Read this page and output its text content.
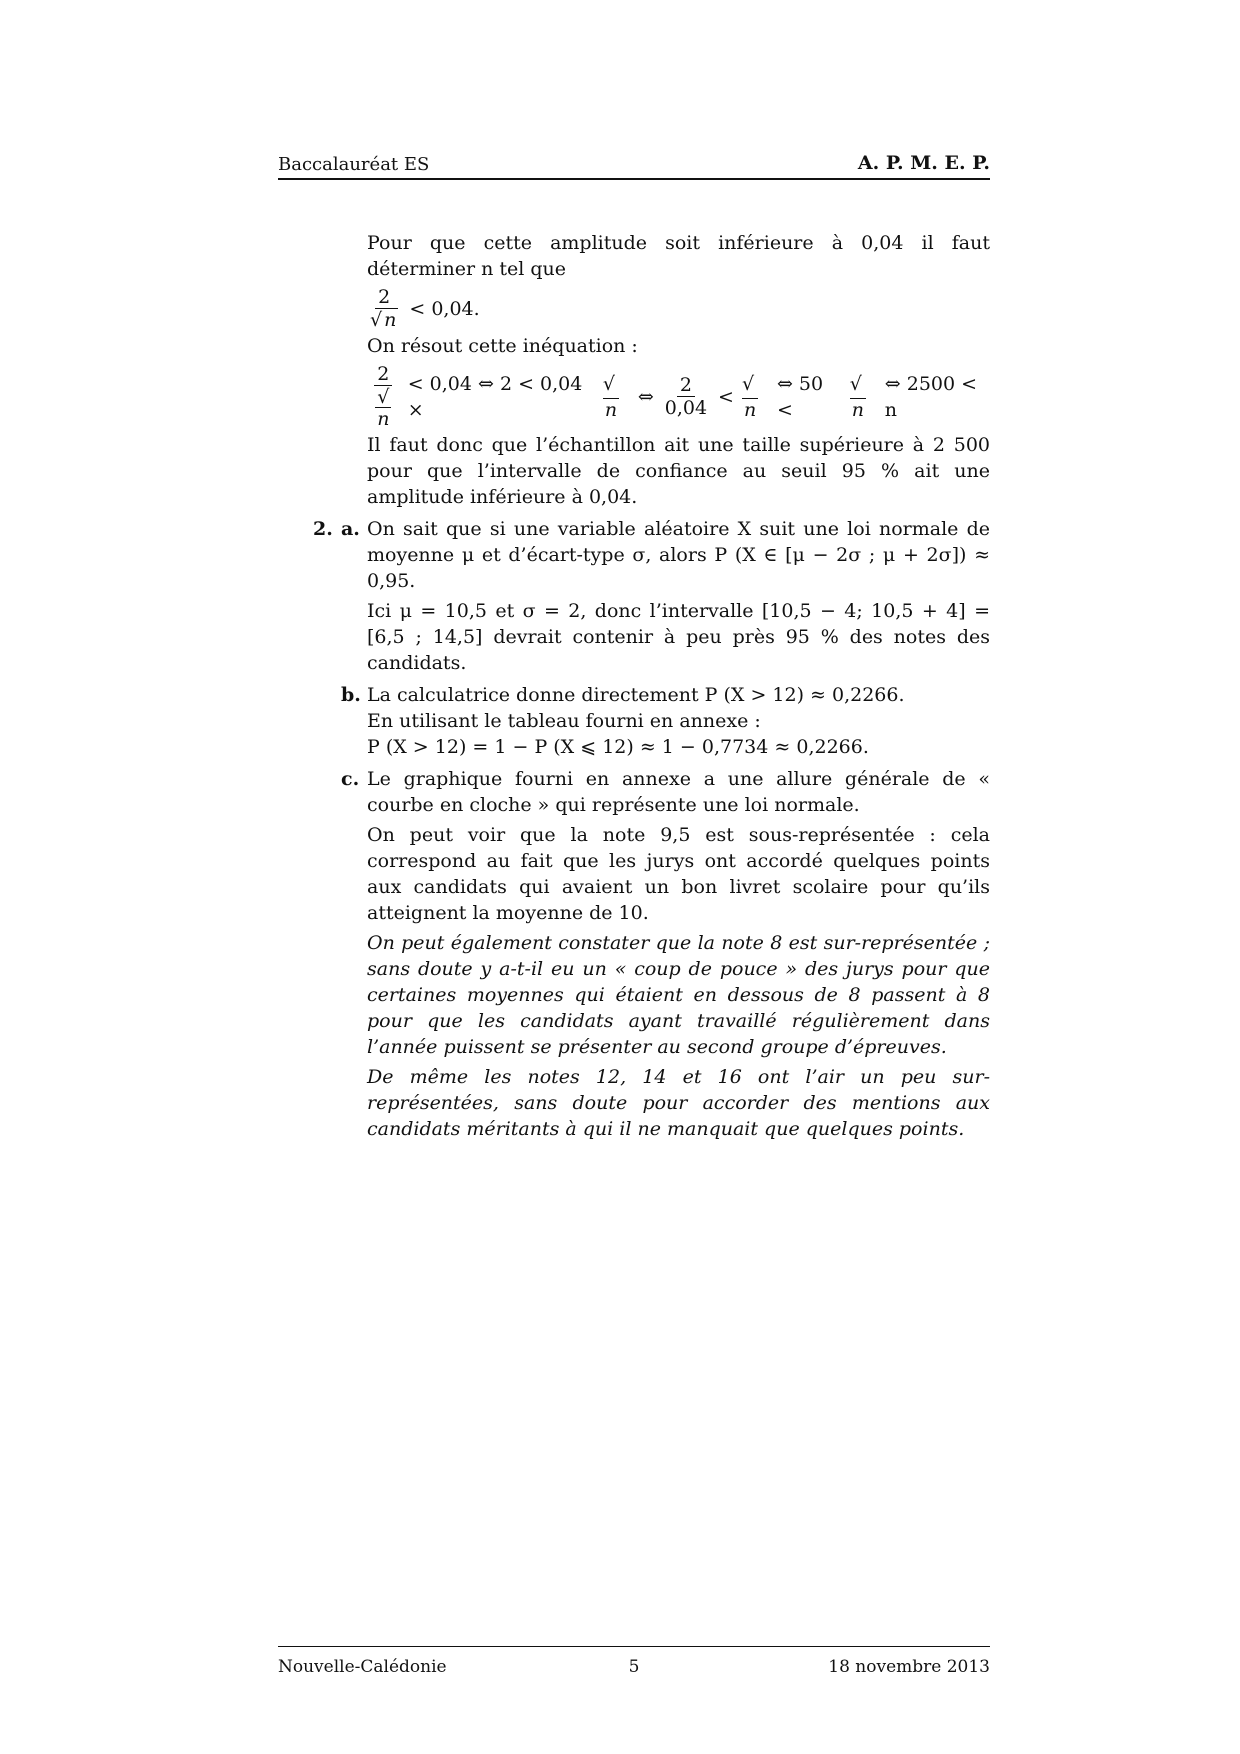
Baccalauréat ES	A. P. M. E. P.

Pour que cette amplitude soit inférieure à 0,04 il faut déterminer n tel que

$\frac{2}{√ n} < 0,04$.

On résout cette inéquation :

$\frac{2}{√n} < 0,04$ ⇔ 2 < 0,04 ×
√n
⇔ $\frac{2}{0,04}$ <
√n
⇔ 50 <
√n
⇔ 2500 < n

Il faut donc que l’échantillon ait une taille supérieure à 2 500 pour que l’intervalle de confiance au seuil 95 % ait une amplitude inférieure à 0,04.

2. a. On sait que si une variable aléatoire X suit une loi normale de moyenne μ et d’écart-type σ, alors P (X ∈ [μ − 2σ ; μ + 2σ]) ≈ 0,95.

Ici μ = 10,5 et σ = 2, donc l’intervalle [10,5 − 4; 10,5 + 4] = [6,5 ; 14,5] devrait contenir à peu près 95 % des notes des candidats.

b. La calculatrice donne directement P (X > 12) ≈ 0,2266.

En utilisant le tableau fourni en annexe :

P (X > 12) = 1 − P (X ⩽ 12) ≈ 1 − 0,7734 ≈ 0,2266.

c. Le graphique fourni en annexe a une allure générale de « courbe en cloche » qui représente une loi normale.

On peut voir que la note 9,5 est sous-représentée : cela correspond au fait que les jurys ont accordé quelques points aux candidats qui avaient un bon livret scolaire pour qu’ils atteignent la moyenne de 10.

On peut également constater que la note 8 est sur-représentée ; sans doute y a-t-il eu un « coup de pouce » des jurys pour que certaines moyennes qui étaient en dessous de 8 passent à 8 pour que les candidats ayant travaillé régulièrement dans l’année puissent se présenter au second groupe d’épreuves.

De même les notes 12, 14 et 16 ont l’air un peu sur-représentées, sans doute pour accorder des mentions aux candidats méritants à qui il ne manquait que quelques points.

Nouvelle-Calédonie	5	18 novembre 2013
